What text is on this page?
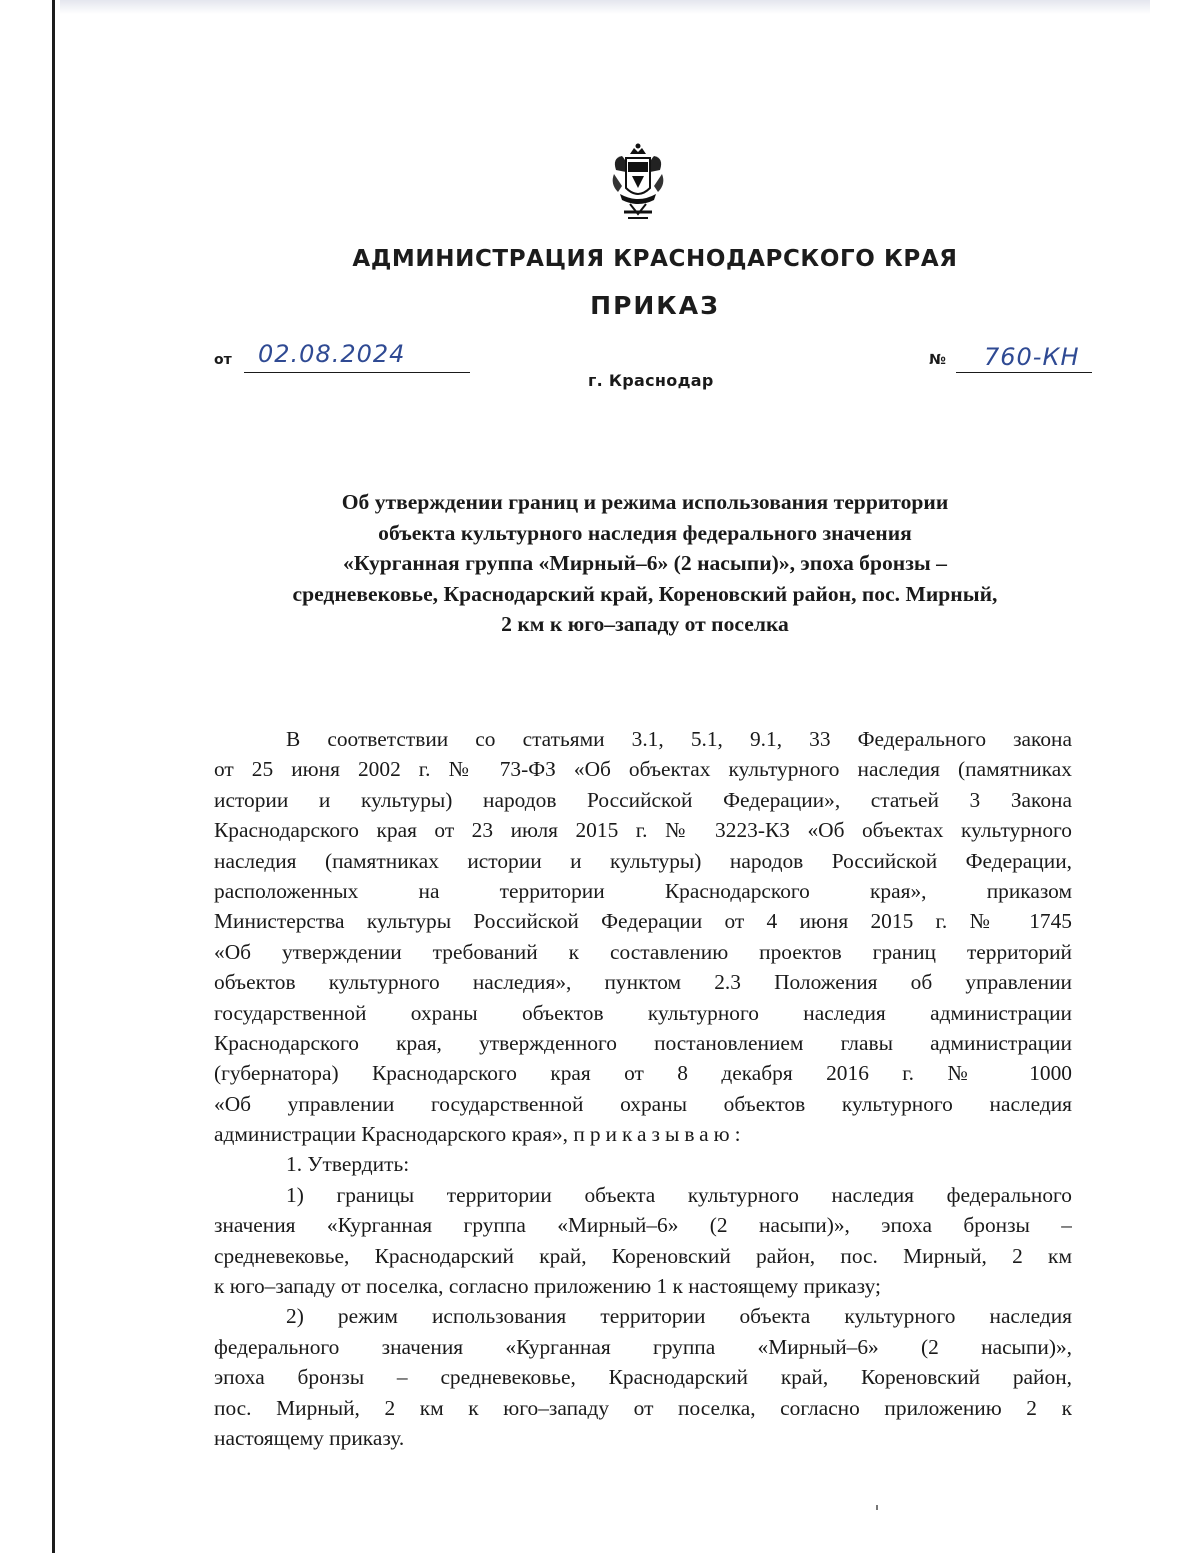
АДМИНИСТРАЦИЯ КРАСНОДАРСКОГО КРАЯ
ПРИКАЗ
от 02.08.2024
г. Краснодар
№ 760-КН
Об утверждении границ и режима использования территории
объекта культурного наследия федерального значения
«Курганная группа «Мирный–6» (2 насыпи)», эпоха бронзы –
средневековье, Краснодарский край, Кореновский район, пос. Мирный,
2 км к юго–западу от поселка
В соответствии со статьями 3.1, 5.1, 9.1, 33 Федерального закона
от 25 июня 2002 г. № 73-ФЗ «Об объектах культурного наследия (памятниках
истории и культуры) народов Российской Федерации», статьей 3 Закона
Краснодарского края от 23 июля 2015 г. № 3223-КЗ «Об объектах культурного
наследия (памятниках истории и культуры) народов Российской Федерации,
расположенных на территории Краснодарского края», приказом
Министерства культуры Российской Федерации от 4 июня 2015 г. № 1745
«Об утверждении требований к составлению проектов границ территорий
объектов культурного наследия», пунктом 2.3 Положения об управлении
государственной охраны объектов культурного наследия администрации
Краснодарского края, утвержденного постановлением главы администрации
(губернатора) Краснодарского края от 8 декабря 2016 г. № 1000
«Об управлении государственной охраны объектов культурного наследия
администрации Краснодарского края», приказываю:
1. Утвердить:
1) границы территории объекта культурного наследия федерального
значения «Курганная группа «Мирный–6» (2 насыпи)», эпоха бронзы –
средневековье, Краснодарский край, Кореновский район, пос. Мирный, 2 км
к юго–западу от поселка, согласно приложению 1 к настоящему приказу;
2) режим использования территории объекта культурного наследия
федерального значения «Курганная группа «Мирный–6» (2 насыпи)»,
эпоха бронзы – средневековье, Краснодарский край, Кореновский район,
пос. Мирный, 2 км к юго–западу от поселка, согласно приложению 2 к
настоящему приказу.
